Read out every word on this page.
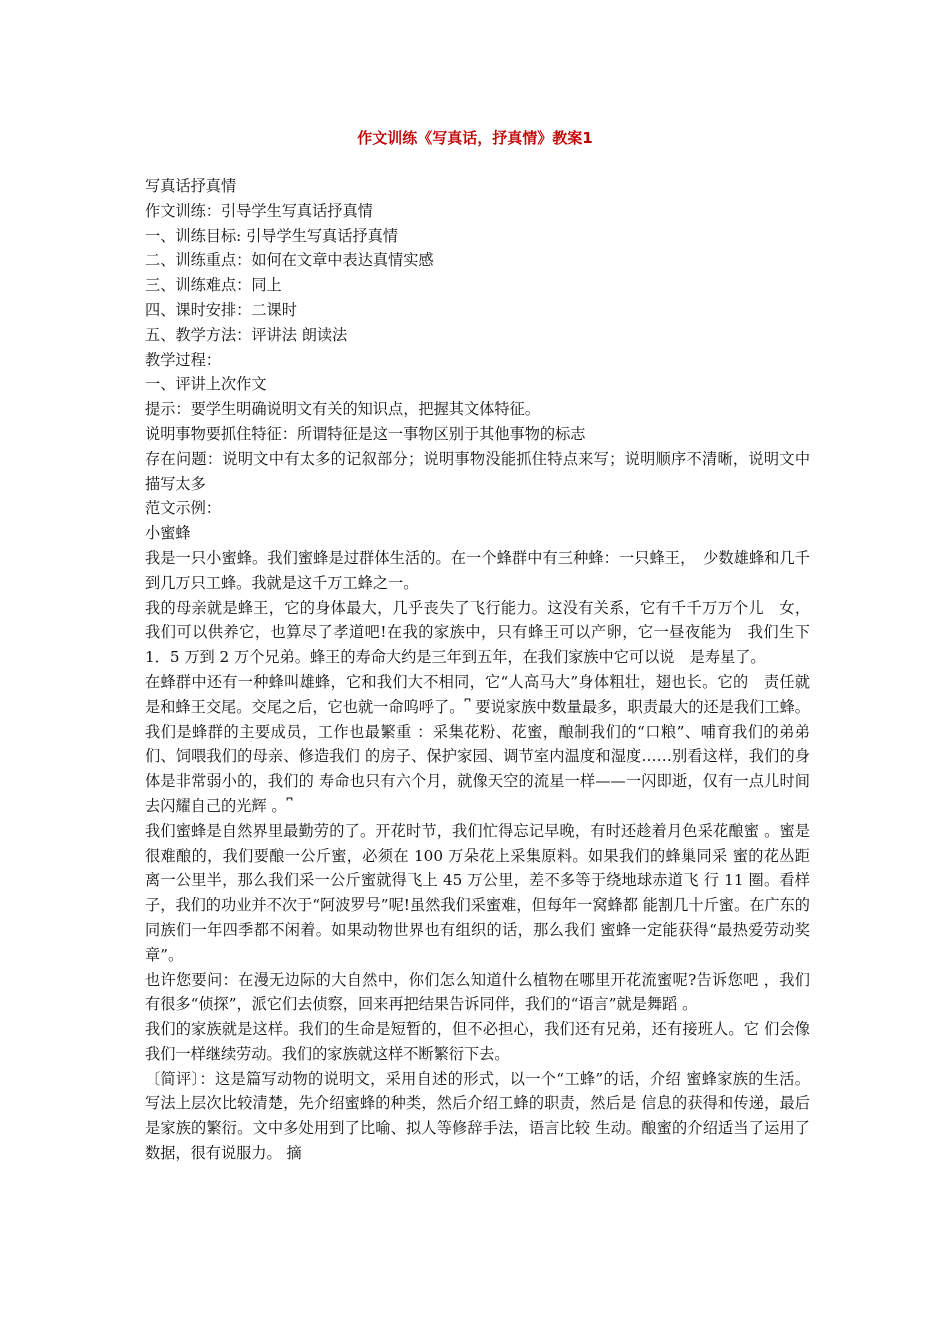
作文训练《写真话，抒真情》教案1

写真话抒真情

作文训练：引导学生写真话抒真情

一、训练目标: 引导学生写真话抒真情

二、训练重点：如何在文章中表达真情实感

三、训练难点：同上

四、课时安排：二课时

五、教学方法：评讲法 朗读法

教学过程：

一、评讲上次作文

提示：要学生明确说明文有关的知识点，把握其文体特征。

说明事物要抓住特征：所谓特征是这一事物区别于其他事物的标志

存在问题：说明文中有太多的记叙部分；说明事物没能抓住特点来写；说明顺序不清晰，说明文中描写太多

范文示例：

小蜜蜂

我是一只小蜜蜂。我们蜜蜂是过群体生活的。在一个蜂群中有三种蜂：一只蜂王，　少数雄蜂和几千到几万只工蜂。我就是这千万工蜂之一。

我的母亲就是蜂王，它的身体最大，几乎丧失了飞行能力。这没有关系，它有千千万万个儿　女，我们可以供养它，也算尽了孝道吧!在我的家族中，只有蜂王可以产卵，它一昼夜能为　我们生下 1．5 万到 2 万个兄弟。蜂王的寿命大约是三年到五年，在我们家族中它可以说　是寿星了。

在蜂群中还有一种蜂叫雄蜂，它和我们大不相同，它“人高马大”身体粗壮，翅也长。它的　责任就是和蜂王交尾。交尾之后，它也就一命呜呼了。⎴ 要说家族中数量最多，职责最大的还是我们工蜂。我们是蜂群的主要成员，工作也最繁重 ：采集花粉、花蜜，酿制我们的“口粮”、哺育我们的弟弟们、饲喂我们的母亲、修造我们 的房子、保护家园、调节室内温度和湿度……别看这样，我们的身体是非常弱小的，我们的 寿命也只有六个月，就像天空的流星一样——一闪即逝，仅有一点儿时间去闪耀自己的光辉 。⎴

我们蜜蜂是自然界里最勤劳的了。开花时节，我们忙得忘记早晚，有时还趁着月色采花酿蜜 。蜜是很难酿的，我们要酿一公斤蜜，必须在 100 万朵花上采集原料。如果我们的蜂巢同采 蜜的花丛距离一公里半，那么我们采一公斤蜜就得飞上 45 万公里，差不多等于绕地球赤道飞 行 11 圈。看样子，我们的功业并不次于“阿波罗号”呢!虽然我们采蜜难，但每年一窝蜂都 能割几十斤蜜。在广东的同族们一年四季都不闲着。如果动物世界也有组织的话，那么我们 蜜蜂一定能获得“最热爱劳动奖章”。

也许您要问：在漫无边际的大自然中，你们怎么知道什么植物在哪里开花流蜜呢?告诉您吧 ，我们有很多“侦探”，派它们去侦察，回来再把结果告诉同伴，我们的“语言”就是舞蹈 。

我们的家族就是这样。我们的生命是短暂的，但不必担心，我们还有兄弟，还有接班人。它 们会像我们一样继续劳动。我们的家族就这样不断繁衍下去。

〔简评〕：这是篇写动物的说明文，采用自述的形式，以一个“工蜂”的话，介绍 蜜蜂家族的生活。写法上层次比较清楚，先介绍蜜蜂的种类，然后介绍工蜂的职责，然后是 信息的获得和传递，最后是家族的繁衍。文中多处用到了比喻、拟人等修辞手法，语言比较 生动。酿蜜的介绍适当了运用了数据，很有说服力。 摘
